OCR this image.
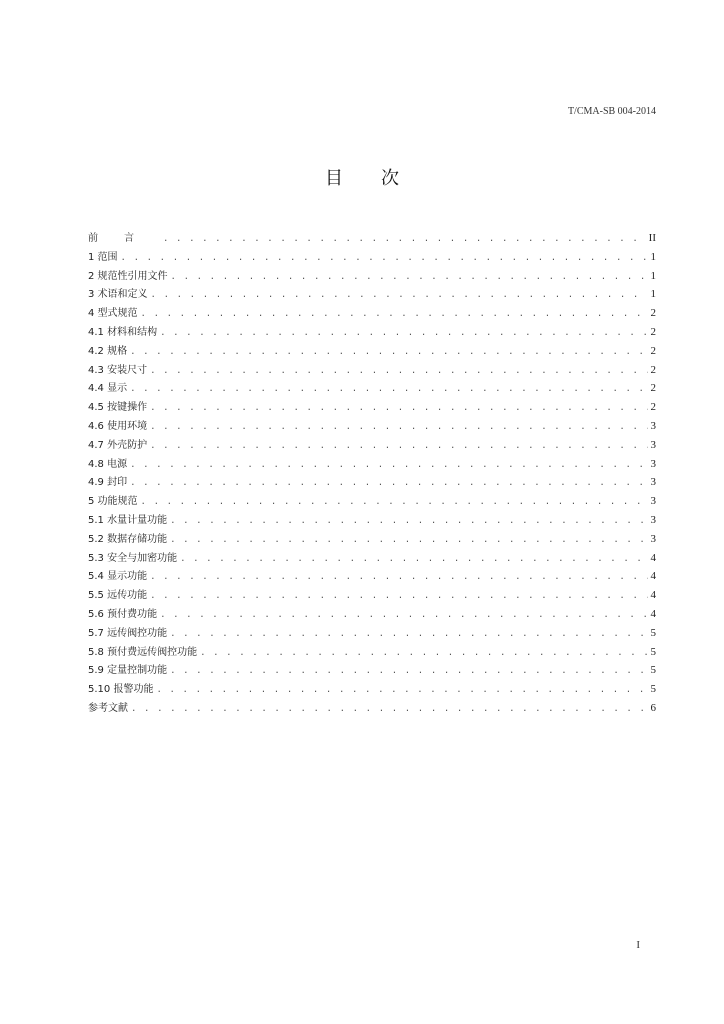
T/CMA-SB 004-2014
目 次
前言 . . .	II
1 范围 . . .	1
2 规范性引用文件 . . .	1
3 术语和定义 . . .	1
4 型式规范 . . .	2
4.1 材料和结构 . . .	2
4.2 规格 . . .	2
4.3 安装尺寸 . . .	2
4.4 显示 . . .	2
4.5 按键操作 . . .	2
4.6 使用环境 . . .	3
4.7 外壳防护 . . .	3
4.8 电源 . . .	3
4.9 封印 . . .	3
5 功能规范 . . .	3
5.1 水量计量功能 . . .	3
5.2 数据存储功能 . . .	3
5.3 安全与加密功能 . . .	4
5.4 显示功能 . . .	4
5.5 远传功能 . . .	4
5.6 预付费功能 . . .	4
5.7 远传阀控功能 . . .	5
5.8 预付费远传阀控功能 . . .	5
5.9 定量控制功能 . . .	5
5.10 报警功能 . . .	5
参考文献 . . .	6
I
